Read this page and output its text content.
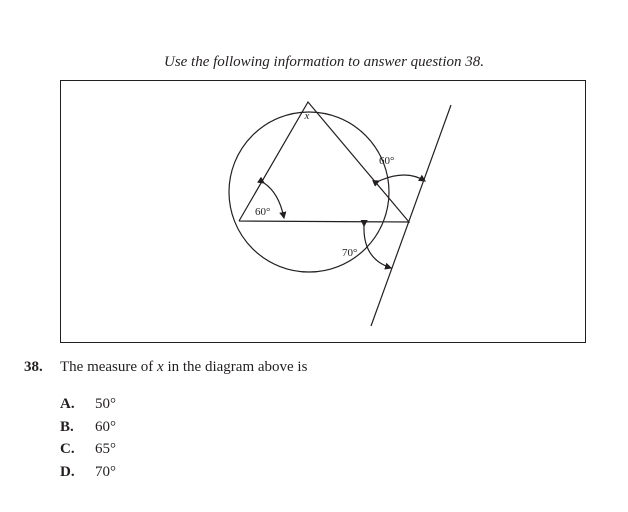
Use the following information to answer question 38.
x
60°
60°
70°
38. The measure of x in the diagram above is
A. 50°
B. 60°
C. 65°
D. 70°
